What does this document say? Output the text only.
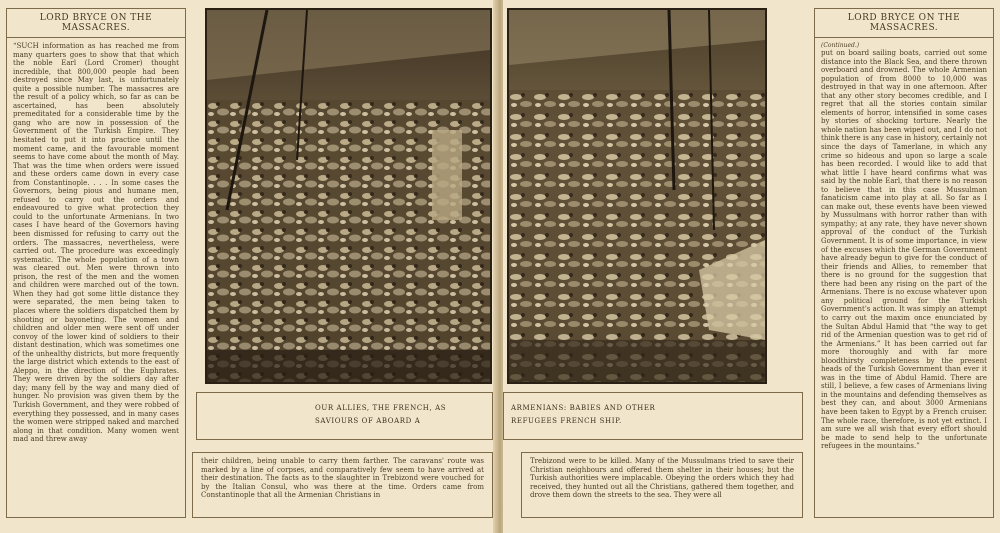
LORD BRYCE ON THE MASSACRES.
“SUCH information as has reached me from many quarters goes to show that that which the noble Earl (Lord Cromer) thought incredible, that 800,000 people had been destroyed since May last, is unfortunately quite a possible number. The massacres are the result of a policy which, so far as can be ascertained, has been absolutely premeditated for a considerable time by the gang who are now in possession of the Government of the Turkish Empire. They hesitated to put it into practice until the moment came, and the favourable moment seems to have come about the month of May. That was the time when orders were issued and these orders came down in every case from Constantinople. . . . In some cases the Governors, being pious and humane men, refused to carry out the orders and endeavoured to give what protection they could to the unfortunate Armenians. In two cases I have heard of the Governors having been dismissed for refusing to carry out the orders. The massacres, nevertheless, were carried out. The procedure was exceedingly systematic. The whole population of a town was cleared out. Men were thrown into prison, the rest of the men and the women and children were marched out of the town. When they had got some little distance they were separated, the men being taken to places where the soldiers dispatched them by shooting or bayoneting. The women and children and older men were sent off under convoy of the lower kind of soldiers to their distant destination, which was sometimes one of the unhealthy districts, but more frequently the large district which extends to the east of Aleppo, in the direction of the Euphrates. They were driven by the soldiers day after day; many fell by the way and many died of hunger. No provision was given them by the Turkish Government, and they were robbed of everything they possessed, and in many cases the women were stripped naked and marched along in that condition. Many women went mad and threw away
OUR ALLIES, THE FRENCH, AS SAVIOURS OF ABOARD A
their children, being unable to carry them farther. The caravans' route was marked by a line of corpses, and comparatively few seem to have arrived at their destination. The facts as to the slaughter in Trebizond were vouched for by the Italian Consul, who was there at the time. Orders came from Constantinople that all the Armenian Christians in
ARMENIANS: BABIES AND OTHER REFUGEES FRENCH SHIP.
Trebizond were to be killed. Many of the Mussulmans tried to save their Christian neighbours and offered them shelter in their houses; but the Turkish authorities were implacable. Obeying the orders which they had received, they hunted out all the Christians, gathered them together, and drove them down the streets to the sea. They were all
LORD BRYCE ON THE MASSACRES.
(Continued.)
put on board sailing boats, carried out some distance into the Black Sea, and there thrown overboard and drowned. The whole Armenian population of from 8000 to 10,000 was destroyed in that way in one afternoon. After that any other story becomes credible, and I regret that all the stories contain similar elements of horror, intensified in some cases by stories of shocking torture. Nearly the whole nation has been wiped out, and I do not think there is any case in history, certainly not since the days of Tamerlane, in which any crime so hideous and upon so large a scale has been recorded. I would like to add that what little I have heard confirms what was said by the noble Earl, that there is no reason to believe that in this case Mussulman fanaticism came into play at all. So far as I can make out, these events have been viewed by Mussulmans with horror rather than with sympathy; at any rate, they have never shown approval of the conduct of the Turkish Government. It is of some importance, in view of the excuses which the German Government have already begun to give for the conduct of their friends and Allies, to remember that there is no ground for the suggestion that there had been any rising on the part of the Armenians. There is no excuse whatever upon any political ground for the Turkish Government's action. It was simply an attempt to carry out the maxim once enunciated by the Sultan Abdul Hamid that “the way to get rid of the Armenian question was to get rid of the Armenians.” It has been carried out far more thoroughly and with far more bloodthirsty completeness by the present heads of the Turkish Government than ever it was in the time of Abdul Hamid. There are still, I believe, a few cases of Armenians living in the mountains and defending themselves as best they can, and about 3000 Armenians have been taken to Egypt by a French cruiser. The whole race, therefore, is not yet extinct. I am sure we all wish that every effort should be made to send help to the unfortunate refugees in the mountains.”
